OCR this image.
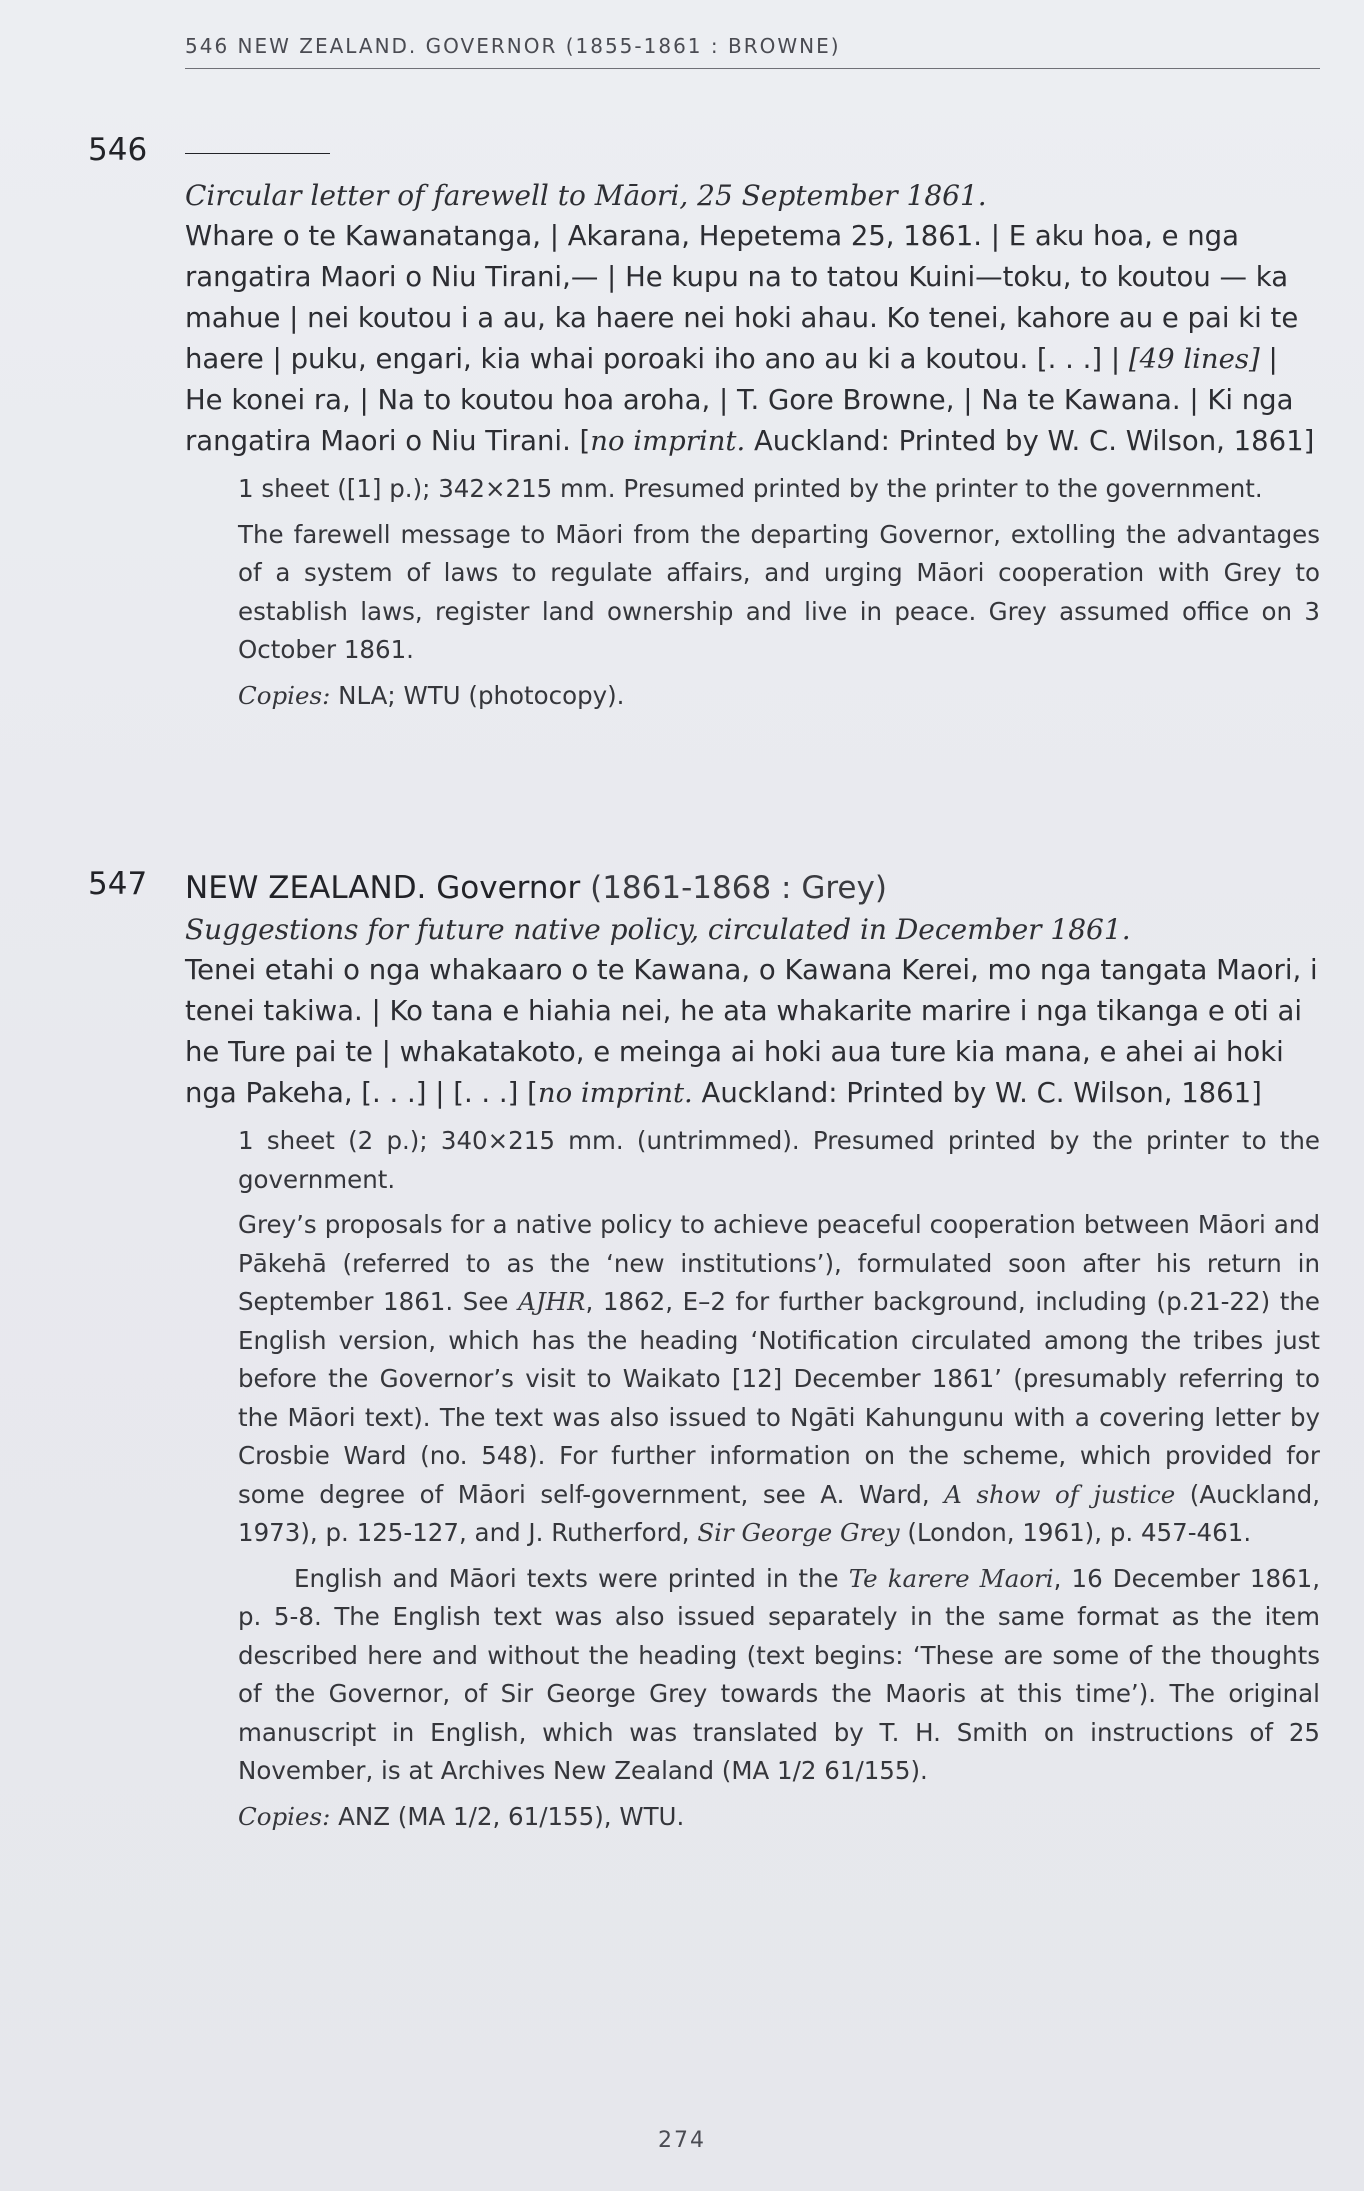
546 NEW ZEALAND. GOVERNOR (1855-1861 : BROWNE)
546
Circular letter of farewell to Māori, 25 September 1861.
Whare o te Kawanatanga, | Akarana, Hepetema 25, 1861. | E aku hoa, e nga rangatira Maori o Niu Tirani,— | He kupu na to tatou Kuini—toku, to koutou — ka mahue | nei koutou i a au, ka haere nei hoki ahau. Ko tenei, kahore au e pai ki te haere | puku, engari, kia whai poroaki iho ano au ki a koutou. [. . .] | [49 lines] | He konei ra, | Na to koutou hoa aroha, | T. Gore Browne, | Na te Kawana. | Ki nga rangatira Maori o Niu Tirani. [no imprint. Auckland: Printed by W. C. Wilson, 1861]

1 sheet ([1] p.); 342×215 mm. Presumed printed by the printer to the government.

The farewell message to Māori from the departing Governor, extolling the advantages of a system of laws to regulate affairs, and urging Māori cooperation with Grey to establish laws, register land ownership and live in peace. Grey assumed office on 3 October 1861.

Copies: NLA; WTU (photocopy).

547 NEW ZEALAND. Governor (1861-1868 : Grey)
Suggestions for future native policy, circulated in December 1861.
Tenei etahi o nga whakaaro o te Kawana, o Kawana Kerei, mo nga tangata Maori, i tenei takiwa. | Ko tana e hiahia nei, he ata whakarite marire i nga tikanga e oti ai he Ture pai te | whakatakoto, e meinga ai hoki aua ture kia mana, e ahei ai hoki nga Pakeha, [. . .] | [. . .] [no imprint. Auckland: Printed by W. C. Wilson, 1861]

1 sheet (2 p.); 340×215 mm. (untrimmed). Presumed printed by the printer to the government.

Grey’s proposals for a native policy to achieve peaceful cooperation between Māori and Pākehā (referred to as the ‘new institutions’), formulated soon after his return in September 1861. See AJHR, 1862, E–2 for further background, including (p.21-22) the English version, which has the heading ‘Notification circulated among the tribes just before the Governor’s visit to Waikato [12] December 1861’ (presumably referring to the Māori text). The text was also issued to Ngāti Kahungunu with a covering letter by Crosbie Ward (no. 548). For further information on the scheme, which provided for some degree of Māori self-government, see A. Ward, A show of justice (Auckland, 1973), p. 125-127, and J. Rutherford, Sir George Grey (London, 1961), p. 457-461.

English and Māori texts were printed in the Te karere Maori, 16 December 1861, p. 5-8. The English text was also issued separately in the same format as the item described here and without the heading (text begins: ‘These are some of the thoughts of the Governor, of Sir George Grey towards the Maoris at this time’). The original manuscript in English, which was translated by T. H. Smith on instructions of 25 November, is at Archives New Zealand (MA 1/2 61/155).

Copies: ANZ (MA 1/2, 61/155), WTU.

274
